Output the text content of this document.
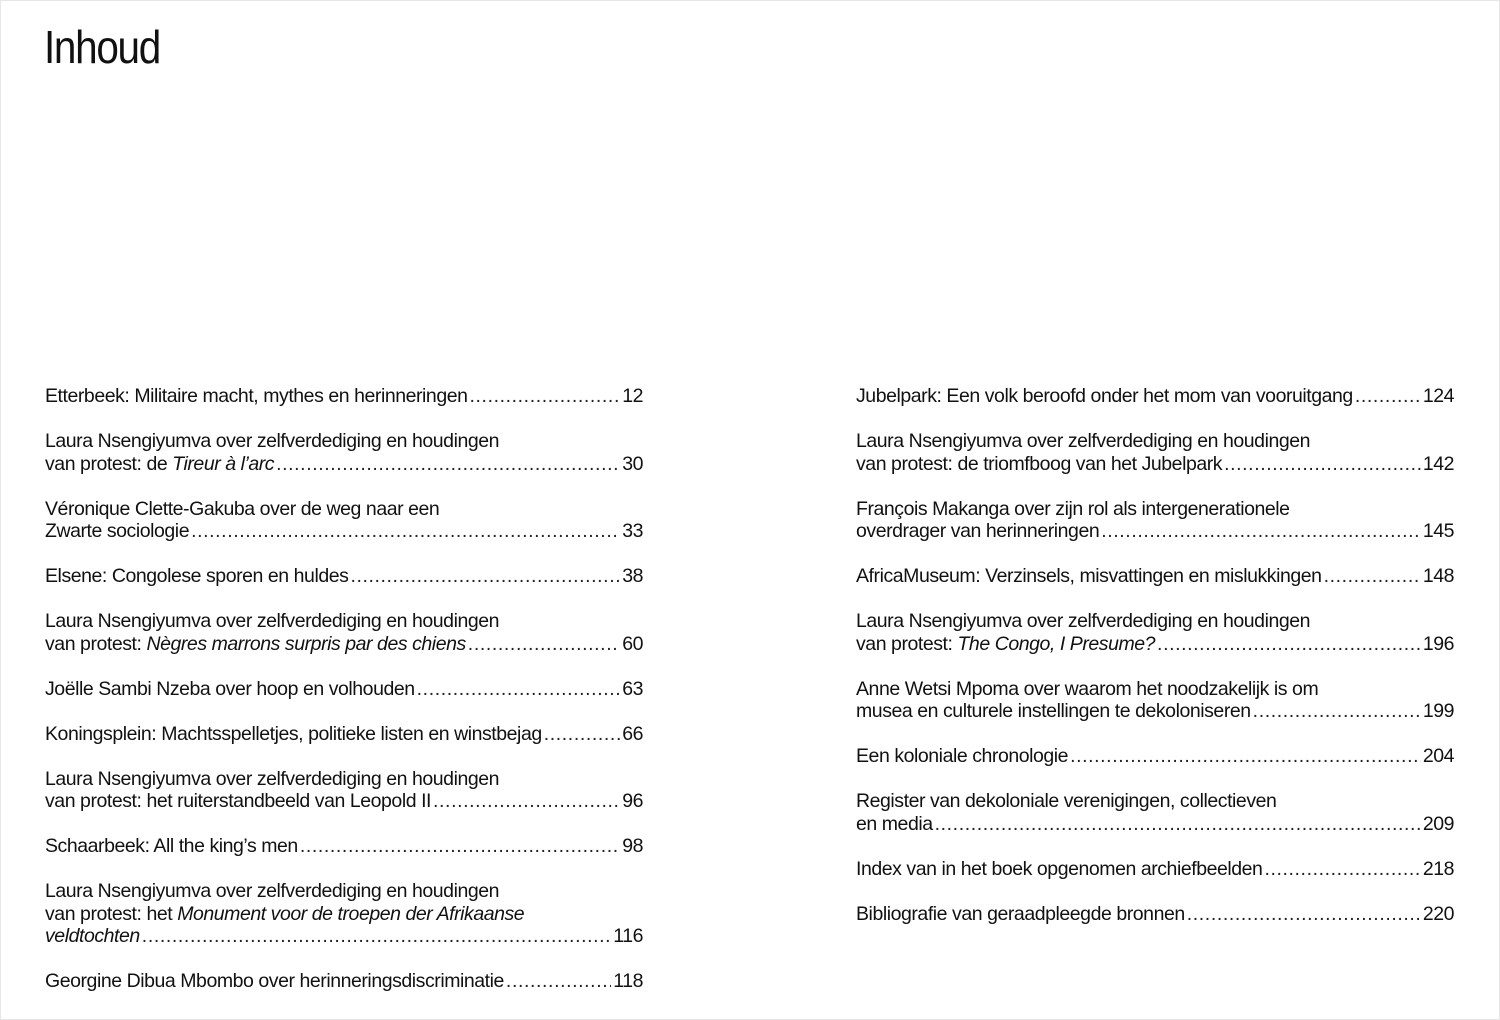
Inhoud
Etterbeek: Militaire macht, mythes en herinneringen .....	12
Laura Nsengiyumva over zelfverdediging en houdingen
van protest: de Tireur à l’arc .....	30
Véronique Clette-Gakuba over de weg naar een
Zwarte sociologie .....	33
Elsene: Congolese sporen en huldes .....	38
Laura Nsengiyumva over zelfverdediging en houdingen
van protest: Nègres marrons surpris par des chiens .....	60
Joëlle Sambi Nzeba over hoop en volhouden .....	63
Koningsplein: Machtsspelletjes, politieke listen en winstbejag .....	66
Laura Nsengiyumva over zelfverdediging en houdingen
van protest: het ruiterstandbeeld van Leopold II .....	96
Schaarbeek: All the king’s men .....	98
Laura Nsengiyumva over zelfverdediging en houdingen
van protest: het Monument voor de troepen der Afrikaanse
veldtochten .....	116
Georgine Dibua Mbombo over herinneringsdiscriminatie .....	118
Jubelpark: Een volk beroofd onder het mom van vooruitgang .....	124
Laura Nsengiyumva over zelfverdediging en houdingen
van protest: de triomfboog van het Jubelpark .....	142
François Makanga over zijn rol als intergenerationele
overdrager van herinneringen .....	145
AfricaMuseum: Verzinsels, misvattingen en mislukkingen .....	148
Laura Nsengiyumva over zelfverdediging en houdingen
van protest: The Congo, I Presume? .....	196
Anne Wetsi Mpoma over waarom het noodzakelijk is om
musea en culturele instellingen te dekoloniseren .....	199
Een koloniale chronologie .....	204
Register van dekoloniale verenigingen, collectieven
en media .....	209
Index van in het boek opgenomen archiefbeelden .....	218
Bibliografie van geraadpleegde bronnen .....	220
